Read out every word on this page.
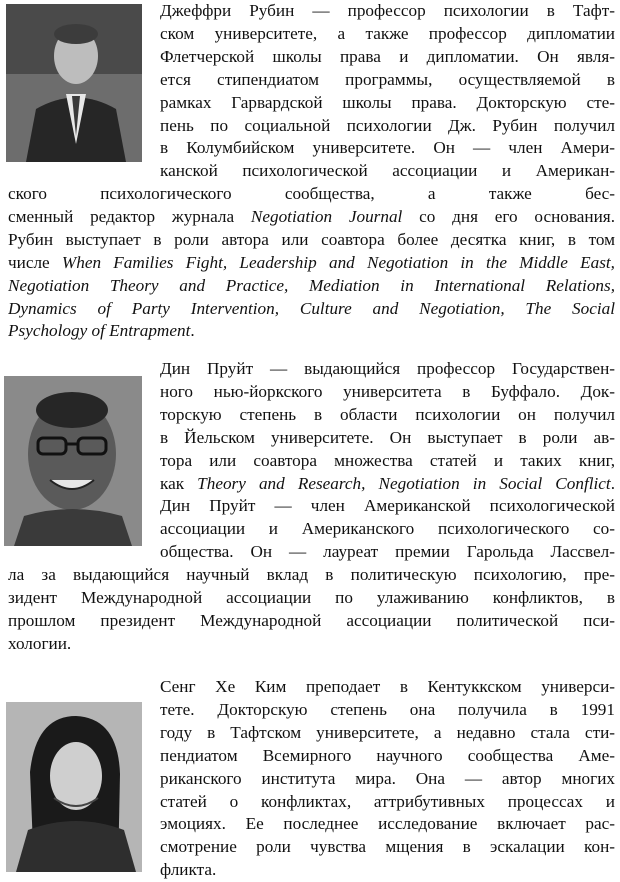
Джеффри Рубин — профессор психологии в Тафт-
ском университете, а также профессор дипломатии
Флетчерской школы права и дипломатии. Он явля-
ется стипендиатом программы, осуществляемой в
рамках Гарвардской школы права. Докторскую сте-
пень по социальной психологии Дж. Рубин получил
в Колумбийском университете. Он — член Амери-
канской психологической ассоциации и Американ-
ского психологического сообщества, а также бес-
сменный редактор журнала Negotiation Journal со дня его основания.
Рубин выступает в роли автора или соавтора более десятка книг, в том
числе When Families Fight, Leadership and Negotiation in the Middle East,
Negotiation Theory and Practice, Mediation in International Relations,
Dynamics of Party Intervention, Culture and Negotiation, The Social
Psychology of Entrapment.
Дин Пруйт — выдающийся профессор Государствен-
ного нью-йоркского университета в Буффало. Док-
торскую степень в области психологии он получил
в Йельском университете. Он выступает в роли ав-
тора или соавтора множества статей и таких книг,
как Theory and Research, Negotiation in Social Conflict.
Дин Пруйт — член Американской психологической
ассоциации и Американского психологического со-
общества. Он — лауреат премии Гарольда Лассвел-
ла за выдающийся научный вклад в политическую психологию, пре-
зидент Международной ассоциации по улаживанию конфликтов, в
прошлом президент Международной ассоциации политической пси-
хологии.
Сенг Хе Ким преподает в Кентуккском универси-
тете. Докторскую степень она получила в 1991
году в Тафтском университете, а недавно стала сти-
пендиатом Всемирного научного сообщества Аме-
риканского института мира. Она — автор многих
статей о конфликтах, аттрибутивных процессах и
эмоциях. Ее последнее исследование включает рас-
смотрение роли чувства мщения в эскалации кон-
фликта.
